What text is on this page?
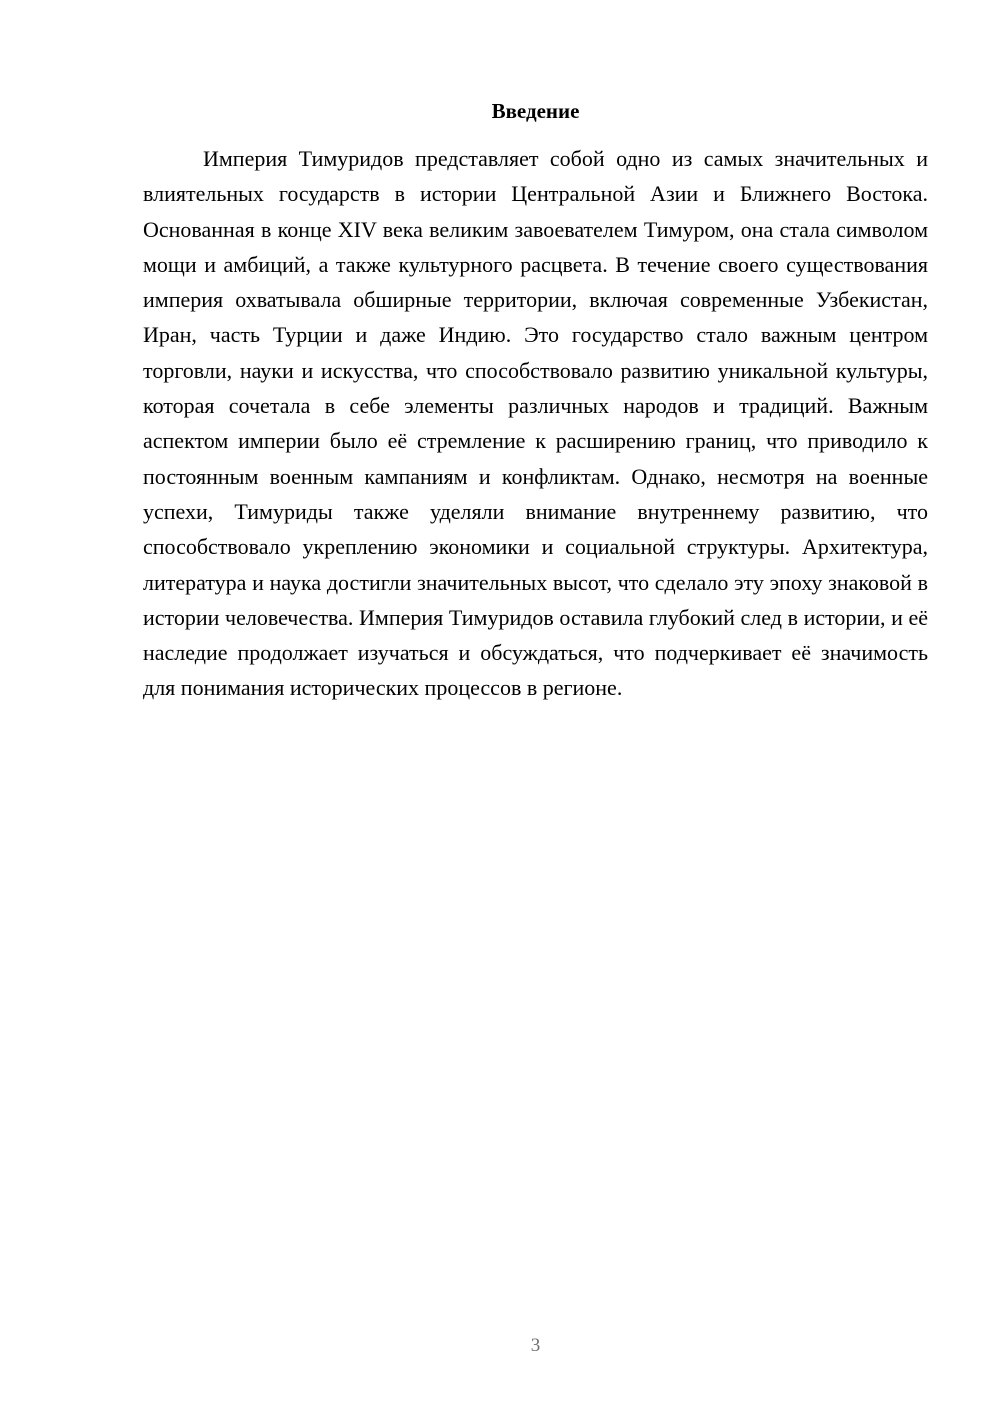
Введение

Империя Тимуридов представляет собой одно из самых значительных и влиятельных государств в истории Центральной Азии и Ближнего Востока. Основанная в конце XIV века великим завоевателем Тимуром, она стала символом мощи и амбиций, а также культурного расцвета. В течение своего существования империя охватывала обширные территории, включая современные Узбекистан, Иран, часть Турции и даже Индию. Это государство стало важным центром торговли, науки и искусства, что способствовало развитию уникальной культуры, которая сочетала в себе элементы различных народов и традиций. Важным аспектом империи было её стремление к расширению границ, что приводило к постоянным военным кампаниям и конфликтам. Однако, несмотря на военные успехи, Тимуриды также уделяли внимание внутреннему развитию, что способствовало укреплению экономики и социальной структуры. Архитектура, литература и наука достигли значительных высот, что сделало эту эпоху знаковой в истории человечества. Империя Тимуридов оставила глубокий след в истории, и её наследие продолжает изучаться и обсуждаться, что подчеркивает её значимость для понимания исторических процессов в регионе.

3
